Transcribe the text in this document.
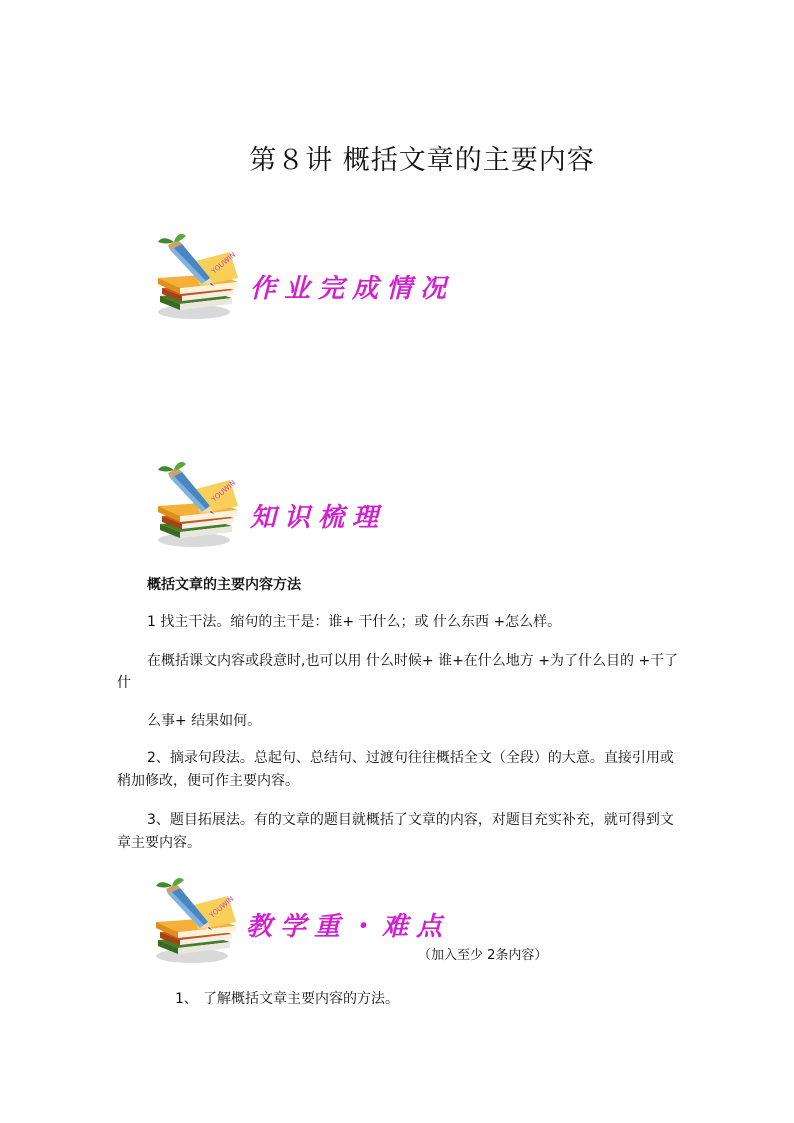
第８讲 概括文章的主要内容
作业完成情况
知识梳理
概括文章的主要内容方法
1 找主干法。缩句的主干是：谁+ 干什么；或 什么东西 +怎么样。
在概括课文内容或段意时,也可以用 什么时候+ 谁+在什么地方 +为了什么目的 +干了
什
么事+ 结果如何。
2、摘录句段法。总起句、总结句、过渡句往往概括全文（全段）的大意。直接引用或
稍加修改，便可作主要内容。
3、题目拓展法。有的文章的题目就概括了文章的内容，对题目充实补充，就可得到文
章主要内容。
教学重・难点
（加入至少 2条内容）
1、 了解概括文章主要内容的方法。
